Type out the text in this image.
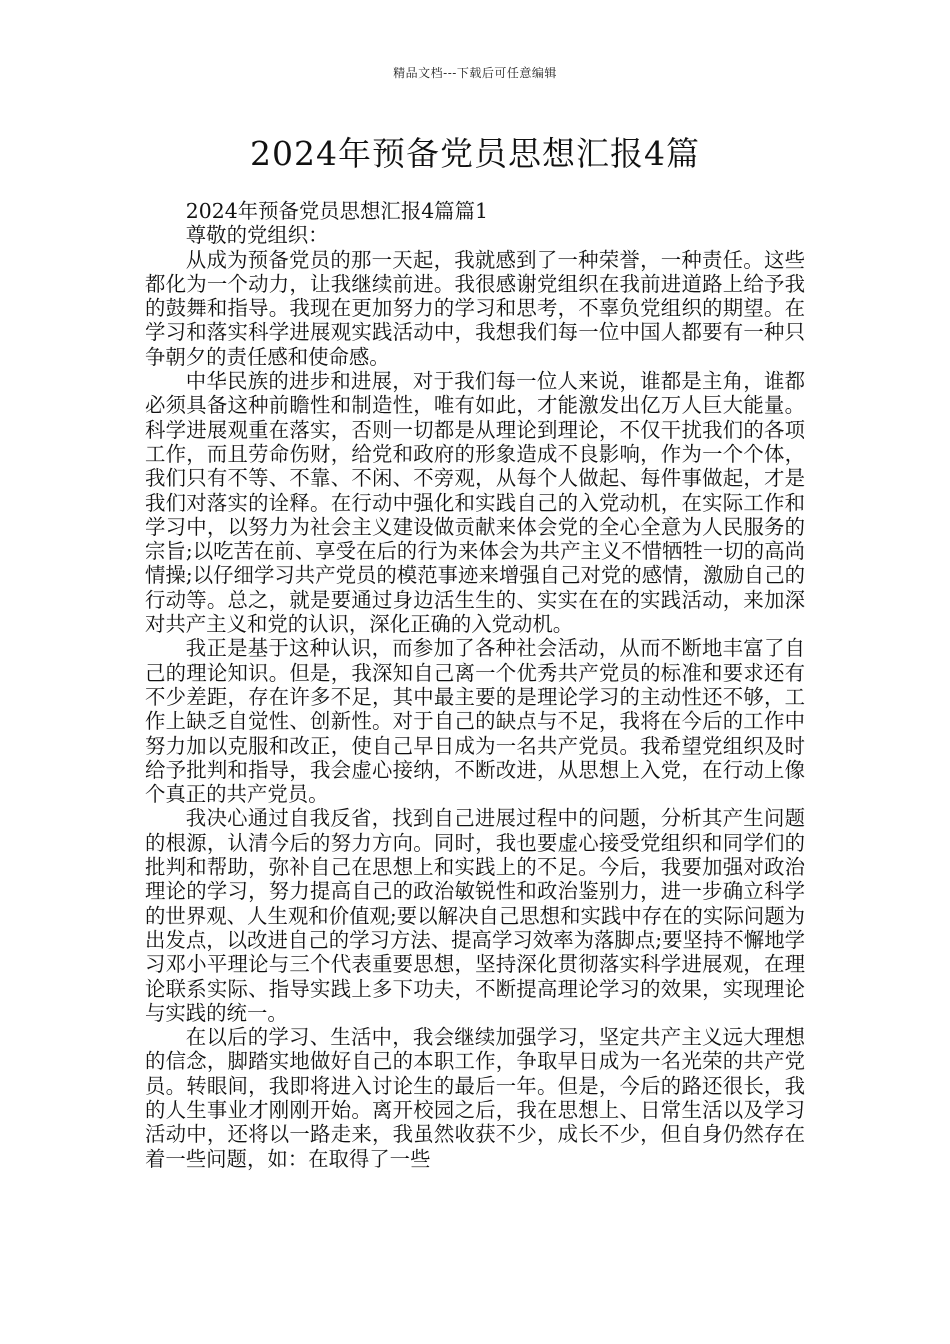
精品文档---下载后可任意编辑
2024年预备党员思想汇报4篇

2024年预备党员思想汇报4篇篇1

尊敬的党组织：

从成为预备党员的那一天起，我就感到了一种荣誉，一种责任。这些都化为一个动力，让我继续前进。我很感谢党组织在我前进道路上给予我的鼓舞和指导。我现在更加努力的学习和思考，不辜负党组织的期望。在学习和落实科学进展观实践活动中，我想我们每一位中国人都要有一种只争朝夕的责任感和使命感。

中华民族的进步和进展，对于我们每一位人来说，谁都是主角，谁都必须具备这种前瞻性和制造性，唯有如此，才能激发出亿万人巨大能量。科学进展观重在落实，否则一切都是从理论到理论，不仅干扰我们的各项工作，而且劳命伤财，给党和政府的形象造成不良影响，作为一个个体，我们只有不等、不靠、不闲、不旁观，从每个人做起、每件事做起，才是我们对落实的诠释。在行动中强化和实践自己的入党动机，在实际工作和学习中，以努力为社会主义建设做贡献来体会党的全心全意为人民服务的宗旨;以吃苦在前、享受在后的行为来体会为共产主义不惜牺牲一切的高尚情操;以仔细学习共产党员的模范事迹来增强自己对党的感情，激励自己的行动等。总之，就是要通过身边活生生的、实实在在的实践活动，来加深对共产主义和党的认识，深化正确的入党动机。

我正是基于这种认识，而参加了各种社会活动，从而不断地丰富了自己的理论知识。但是，我深知自己离一个优秀共产党员的标准和要求还有不少差距，存在许多不足，其中最主要的是理论学习的主动性还不够，工作上缺乏自觉性、创新性。对于自己的缺点与不足，我将在今后的工作中努力加以克服和改正，使自己早日成为一名共产党员。我希望党组织及时给予批判和指导，我会虚心接纳，不断改进，从思想上入党，在行动上像个真正的共产党员。

我决心通过自我反省，找到自己进展过程中的问题，分析其产生问题的根源，认清今后的努力方向。同时，我也要虚心接受党组织和同学们的批判和帮助，弥补自己在思想上和实践上的不足。今后，我要加强对政治理论的学习，努力提高自己的政治敏锐性和政治鉴别力，进一步确立科学的世界观、人生观和价值观;要以解决自己思想和实践中存在的实际问题为出发点，以改进自己的学习方法、提高学习效率为落脚点;要坚持不懈地学习邓小平理论与三个代表重要思想，坚持深化贯彻落实科学进展观，在理论联系实际、指导实践上多下功夫，不断提高理论学习的效果，实现理论与实践的统一。

在以后的学习、生活中，我会继续加强学习，坚定共产主义远大理想的信念，脚踏实地做好自己的本职工作，争取早日成为一名光荣的共产党员。转眼间，我即将进入讨论生的最后一年。但是，今后的路还很长，我的人生事业才刚刚开始。离开校园之后，我在思想上、日常生活以及学习活动中，还将以一路走来，我虽然收获不少，成长不少，但自身仍然存在着一些问题，如：在取得了一些
